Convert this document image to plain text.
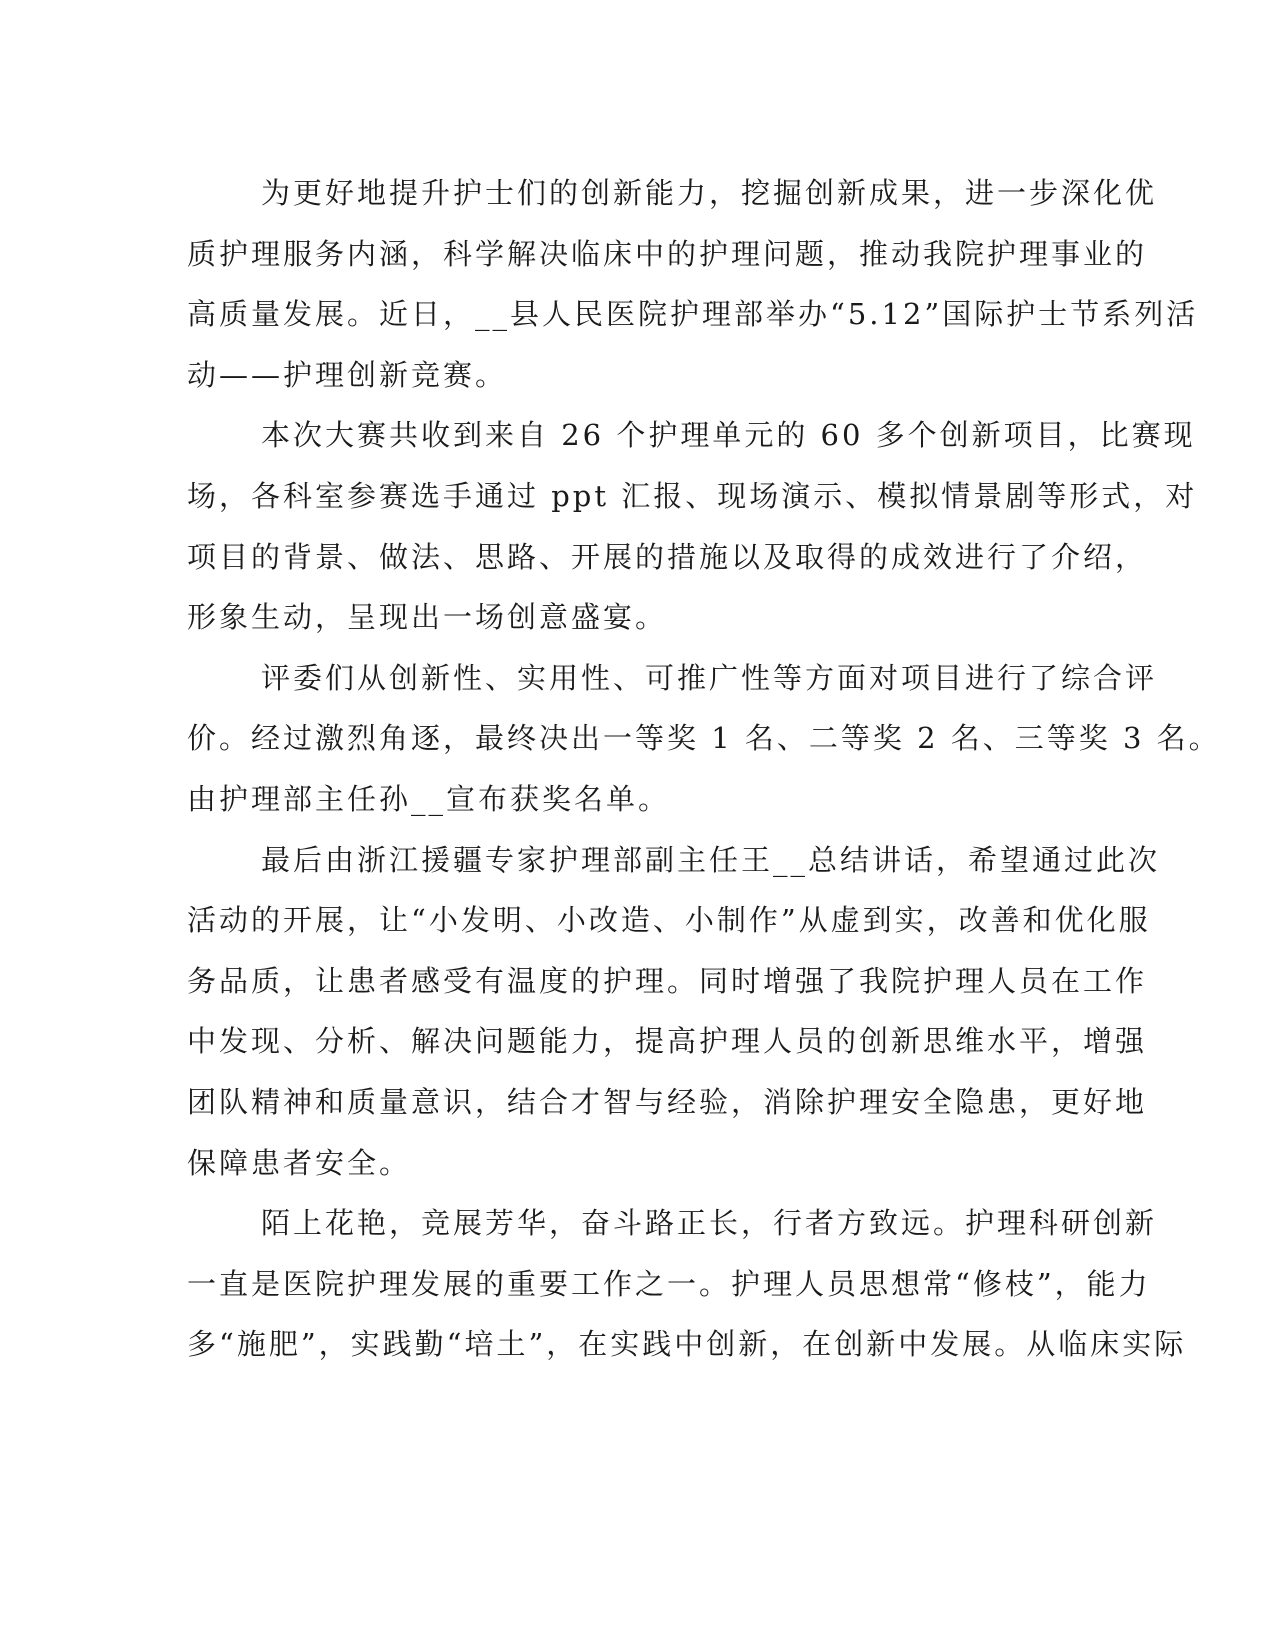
为更好地提升护士们的创新能力，挖掘创新成果，进一步深化优
质护理服务内涵，科学解决临床中的护理问题，推动我院护理事业的
高质量发展。近日，__县人民医院护理部举办“5.12”国际护士节系列活
动——护理创新竞赛。
本次大赛共收到来自 26 个护理单元的 60 多个创新项目，比赛现
场，各科室参赛选手通过 ppt 汇报、现场演示、模拟情景剧等形式，对
项目的背景、做法、思路、开展的措施以及取得的成效进行了介绍，
形象生动，呈现出一场创意盛宴。
评委们从创新性、实用性、可推广性等方面对项目进行了综合评
价。经过激烈角逐，最终决出一等奖 1 名、二等奖 2 名、三等奖 3 名。
由护理部主任孙__宣布获奖名单。
最后由浙江援疆专家护理部副主任王__总结讲话，希望通过此次
活动的开展，让“小发明、小改造、小制作”从虚到实，改善和优化服
务品质，让患者感受有温度的护理。同时增强了我院护理人员在工作
中发现、分析、解决问题能力，提高护理人员的创新思维水平，增强
团队精神和质量意识，结合才智与经验，消除护理安全隐患，更好地
保障患者安全。
陌上花艳，竞展芳华，奋斗路正长，行者方致远。护理科研创新
一直是医院护理发展的重要工作之一。护理人员思想常“修枝”，能力
多“施肥”，实践勤“培土”，在实践中创新，在创新中发展。从临床实际
